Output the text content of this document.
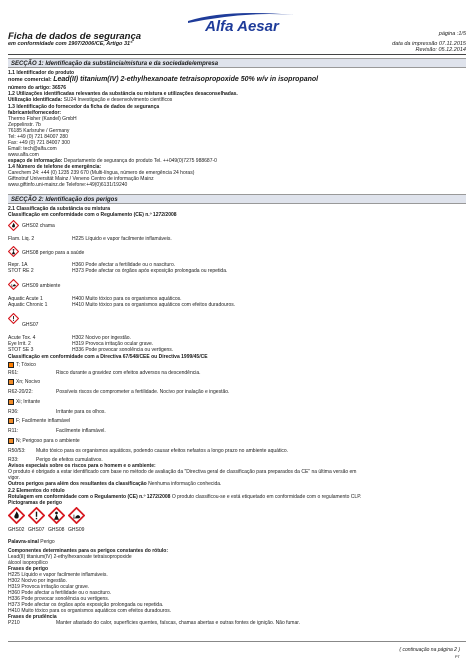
Alfa Aesar
Ficha de dados de segurança
em conformidade com 1907/2006/CE, Artigo 31°
página :1/5
data da impressão 07.11.2015
Revisão: 05.12.2014
SECÇÃO 1: Identificação da substância/mistura e da sociedade/empresa
1.1 Identificador do produto
nome comercial: Lead(II) titanium(IV) 2-ethylhexanoate tetraisopropoxide 50% w/v in isopropanol
número do artigo: 36576
1.2 Utilizações identificadas relevantes da substância ou mistura e utilizações desaconselhadas.
Utilização identificada: SU24 Investigação e desenvolvimento científicos
1.3 Identificação do fornecedor da ficha de dados de segurança
fabricante/fornecedor:
Thermo Fisher (Kandel) GmbH
Zeppelinstr. 7b
76185 Karlsruhe / Germany
Tel: +49 (0) 721 84007 280
Fax: +49 (0) 721 84007 300
Email: tech@alfa.com
www.alfa.com
espaço de informação: Departamento de segurança do produto Tel. ++049(0)7275 988687-0
1.4 Número de telefone de emergência:
Carechem 24: +44 (0) 1235 239 670 (Multi-língua, número de emergência 24 horas)
Giftnotruf Universität Mainz / Veneno Centro de informação Mainz
www.giftinfo.uni-mainz.de Telefone:+49(0)6131/19240
SECÇÃO 2: Identificação dos perigos
2.1 Classificação da substância ou mistura
Classificação em conformidade com o Regulamento (CE) n.º 1272/2008
GHS02 chama
Flam. Liq. 2	H225 Líquido e vapor facilmente inflamáveis.
GHS08 perigo para a saúde
Repr. 1A	H360 Pode afectar a fertilidade ou o nascituro.
STOT RE 2	H373 Pode afectar os órgãos após exposição prolongada ou repetida.
GHS09 ambiente
Aquatic Acute 1	H400 Muito tóxico para os organismos aquáticos.
Aquatic Chronic 1	H410 Muito tóxico para os organismos aquáticos com efeitos duradouros.
GHS07
Acute Tox. 4	H302 Nocivo por ingestão.
Eye Irrit. 2	H319 Provoca irritação ocular grave.
STOT SE 3	H336 Pode provocar sonolência ou vertigens.
Classificação em conformidade com a Directiva 67/548/CEE ou Directiva 1999/45/CE
T; Tóxico
R61:	Risco durante a gravidez com efeitos adversos na descendência.
Xn; Nocivo
R62-20/22:	Possíveis riscos de comprometer a fertilidade. Nocivo por inalação e ingestão.
Xi; Irritante
R36:	Irritante para os olhos.
F; Facilmente inflamável
R11:	Facilmente inflamável.
N; Perigoso para o ambiente
R50/53: Muito tóxico para os organismos aquáticos, podendo causar efeitos nefastos a longo prazo no ambiente aquático.
R33:	Perigo de efeitos cumulativos.
Avisos especiais sobre os riscos para o homem e o ambiente:
O produto é obrigado a estar identificado com base no método de avaliação da "Directiva geral de classificação para preparados da CE" na última versão em
vigor.
Outros perigos para além dos resultantes da classificação Nenhuma informação conhecida.
2.2 Elementos do rótulo
Rotulagem em conformidade com o Regulamento (CE) n.º 1272/2008 O produto classificou-se e está etiquetado em conformidade com o regulamento CLP.
Pictogramas de perigo
GHS02 GHS07 GHS08 GHS09
Palavra-sinal Perigo
Componentes determinantes para os perigos constantes do rótulo:
Lead(II) titanium(IV) 2-ethylhexanoate tetraisopropoxide
álcool isopropílico
Frases de perigo
H225 Líquido e vapor facilmente inflamáveis.
H302 Nocivo por ingestão.
H319 Provoca irritação ocular grave.
H360 Pode afectar a fertilidade ou o nascituro.
H336 Pode provocar sonolência ou vertigens.
H373 Pode afectar os órgãos após exposição prolongada ou repetida.
H410 Muito tóxico para os organismos aquáticos com efeitos duradouros.
Frases de prudência
P210	Manter afastado do calor, superfícies quentes, faíscas, chamas abertas e outras fontes de ignição. Não fumar.
( continuação na página 2 )
PT
